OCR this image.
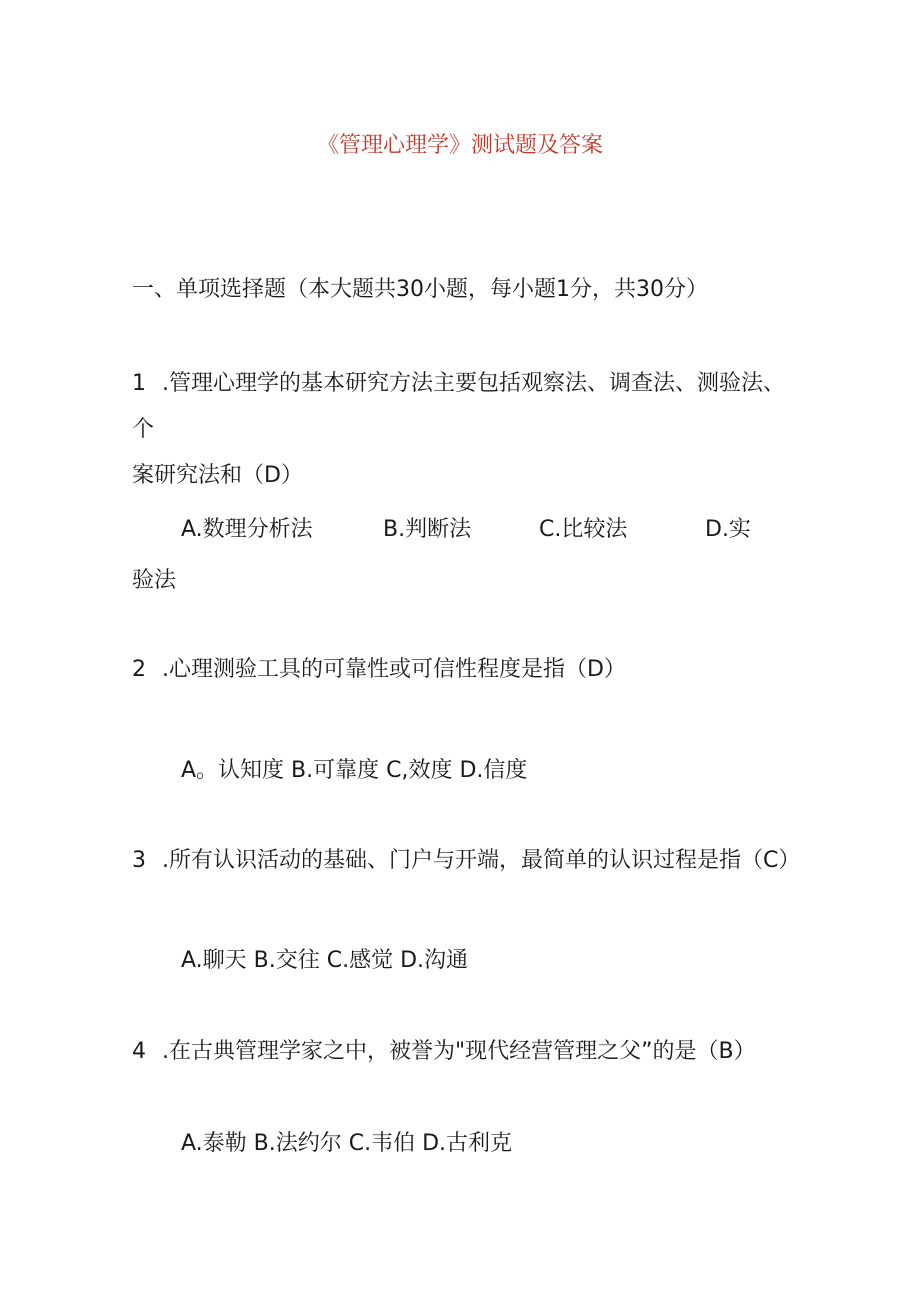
《管理心理学》测试题及答案
一、单项选择题（本大题共30小题，每小题1分，共30分）
1 .管理心理学的基本研究方法主要包括观察法、调查法、测验法、个
案研究法和（D）
A.数理分析法	B.判断法	C.比较法	D.实
验法
2 .心理测验工具的可靠性或可信性程度是指（D）
A。认知度 B.可靠度 C,效度 D.信度
3 .所有认识活动的基础、门户与开端，最简单的认识过程是指（C）
A.聊天 B.交往 C.感觉 D.沟通
4 .在古典管理学家之中，被誉为"现代经营管理之父”的是（B）
A.泰勒 B.法约尔 C.韦伯 D.古利克
